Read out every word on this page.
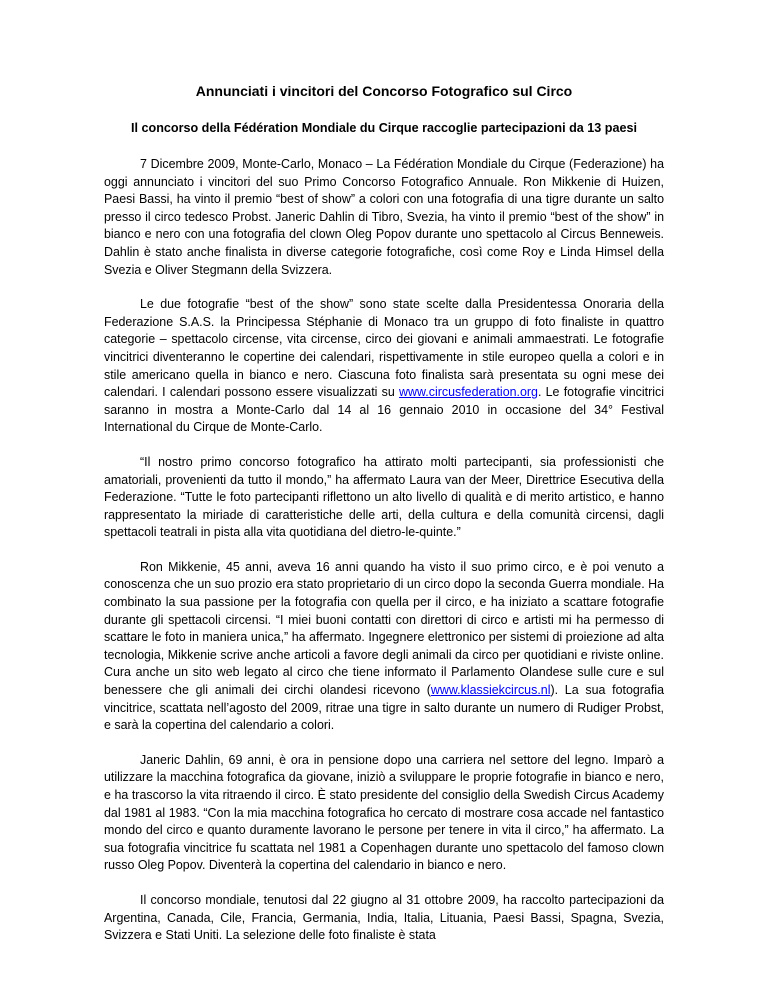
Annunciati i vincitori del Concorso Fotografico sul Circo
Il concorso della Fédération Mondiale du Cirque raccoglie partecipazioni da 13 paesi

7 Dicembre 2009, Monte-Carlo, Monaco – La Fédération Mondiale du Cirque (Federazione) ha oggi annunciato i vincitori del suo Primo Concorso Fotografico Annuale. Ron Mikkenie di Huizen, Paesi Bassi, ha vinto il premio “best of show” a colori con una fotografia di una tigre durante un salto presso il circo tedesco Probst. Janeric Dahlin di Tibro, Svezia, ha vinto il premio “best of the show” in bianco e nero con una fotografia del clown Oleg Popov durante uno spettacolo al Circus Benneweis. Dahlin è stato anche finalista in diverse categorie fotografiche, così come Roy e Linda Himsel della Svezia e Oliver Stegmann della Svizzera.

Le due fotografie “best of the show” sono state scelte dalla Presidentessa Onoraria della Federazione S.A.S. la Principessa Stéphanie di Monaco tra un gruppo di foto finaliste in quattro categorie – spettacolo circense, vita circense, circo dei giovani e animali ammaestrati. Le fotografie vincitrici diventeranno le copertine dei calendari, rispettivamente in stile europeo quella a colori e in stile americano quella in bianco e nero. Ciascuna foto finalista sarà presentata su ogni mese dei calendari. I calendari possono essere visualizzati su www.circusfederation.org. Le fotografie vincitrici saranno in mostra a Monte-Carlo dal 14 al 16 gennaio 2010 in occasione del 34° Festival International du Cirque de Monte-Carlo.

“Il nostro primo concorso fotografico ha attirato molti partecipanti, sia professionisti che amatoriali, provenienti da tutto il mondo,” ha affermato Laura van der Meer, Direttrice Esecutiva della Federazione. “Tutte le foto partecipanti riflettono un alto livello di qualità e di merito artistico, e hanno rappresentato la miriade di caratteristiche delle arti, della cultura e della comunità circensi, dagli spettacoli teatrali in pista alla vita quotidiana del dietro-le-quinte.”

Ron Mikkenie, 45 anni, aveva 16 anni quando ha visto il suo primo circo, e è poi venuto a conoscenza che un suo prozio era stato proprietario di un circo dopo la seconda Guerra mondiale. Ha combinato la sua passione per la fotografia con quella per il circo, e ha iniziato a scattare fotografie durante gli spettacoli circensi. “I miei buoni contatti con direttori di circo e artisti mi ha permesso di scattare le foto in maniera unica,” ha affermato. Ingegnere elettronico per sistemi di proiezione ad alta tecnologia, Mikkenie scrive anche articoli a favore degli animali da circo per quotidiani e riviste online. Cura anche un sito web legato al circo che tiene informato il Parlamento Olandese sulle cure e sul benessere che gli animali dei circhi olandesi ricevono (www.klassiekcircus.nl). La sua fotografia vincitrice, scattata nell’agosto del 2009, ritrae una tigre in salto durante un numero di Rudiger Probst, e sarà la copertina del calendario a colori.

Janeric Dahlin, 69 anni, è ora in pensione dopo una carriera nel settore del legno. Imparò a utilizzare la macchina fotografica da giovane, iniziò a sviluppare le proprie fotografie in bianco e nero, e ha trascorso la vita ritraendo il circo. È stato presidente del consiglio della Swedish Circus Academy dal 1981 al 1983. “Con la mia macchina fotografica ho cercato di mostrare cosa accade nel fantastico mondo del circo e quanto duramente lavorano le persone per tenere in vita il circo,” ha affermato. La sua fotografia vincitrice fu scattata nel 1981 a Copenhagen durante uno spettacolo del famoso clown russo Oleg Popov. Diventerà la copertina del calendario in bianco e nero.

Il concorso mondiale, tenutosi dal 22 giugno al 31 ottobre 2009, ha raccolto partecipazioni da Argentina, Canada, Cile, Francia, Germania, India, Italia, Lituania, Paesi Bassi, Spagna, Svezia, Svizzera e Stati Uniti. La selezione delle foto finaliste è stata
